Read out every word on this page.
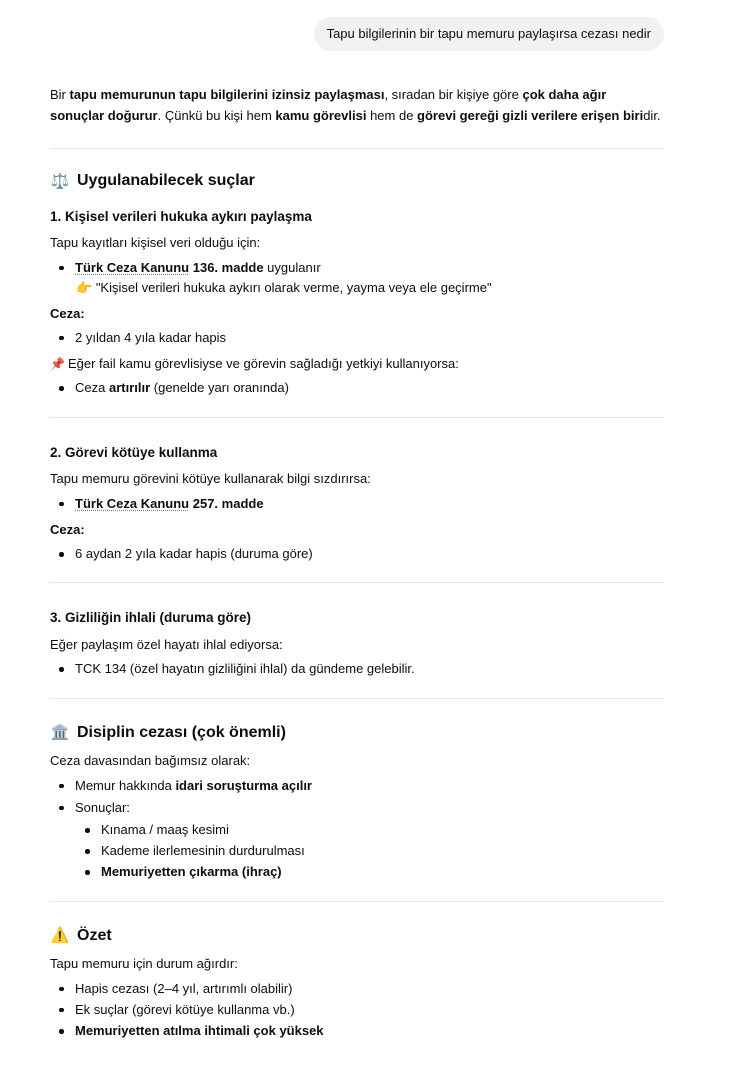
Tapu bilgilerinin bir tapu memuru paylaşırsa cezası nedir

Bir tapu memurunun tapu bilgilerini izinsiz paylaşması, sıradan bir kişiye göre çok daha ağır sonuçlar doğurur. Çünkü bu kişi hem kamu görevlisi hem de görevi gereği gizli verilere erişen biridir.

⚖️ Uygulanabilecek suçlar
1. Kişisel verileri hukuka aykırı paylaşma
Tapu kayıtları kişisel veri olduğu için:
Türk Ceza Kanunu 136. madde uygulanır
👉 "Kişisel verileri hukuka aykırı olarak verme, yayma veya ele geçirme"
Ceza:
2 yıldan 4 yıla kadar hapis
📌 Eğer fail kamu görevlisiyse ve görevin sağladığı yetkiyi kullanıyorsa:
Ceza artırılır (genelde yarı oranında)
2. Görevi kötüye kullanma
Tapu memuru görevini kötüye kullanarak bilgi sızdırırsa:
Türk Ceza Kanunu 257. madde
Ceza:
6 aydan 2 yıla kadar hapis (duruma göre)
3. Gizliliğin ihlali (duruma göre)
Eğer paylaşım özel hayatı ihlal ediyorsa:
TCK 134 (özel hayatın gizliliğini ihlal) da gündeme gelebilir.
🏛️ Disiplin cezası (çok önemli)
Ceza davasından bağımsız olarak:
Memur hakkında idari soruşturma açılır
Sonuçlar:
Kınama / maaş kesimi
Kademe ilerlemesinin durdurulması
Memuriyetten çıkarma (ihraç)
⚠️ Özet
Tapu memuru için durum ağırdır:
Hapis cezası (2–4 yıl, artırımlı olabilir)
Ek suçlar (görevi kötüye kullanma vb.)
Memuriyetten atılma ihtimali çok yüksek
